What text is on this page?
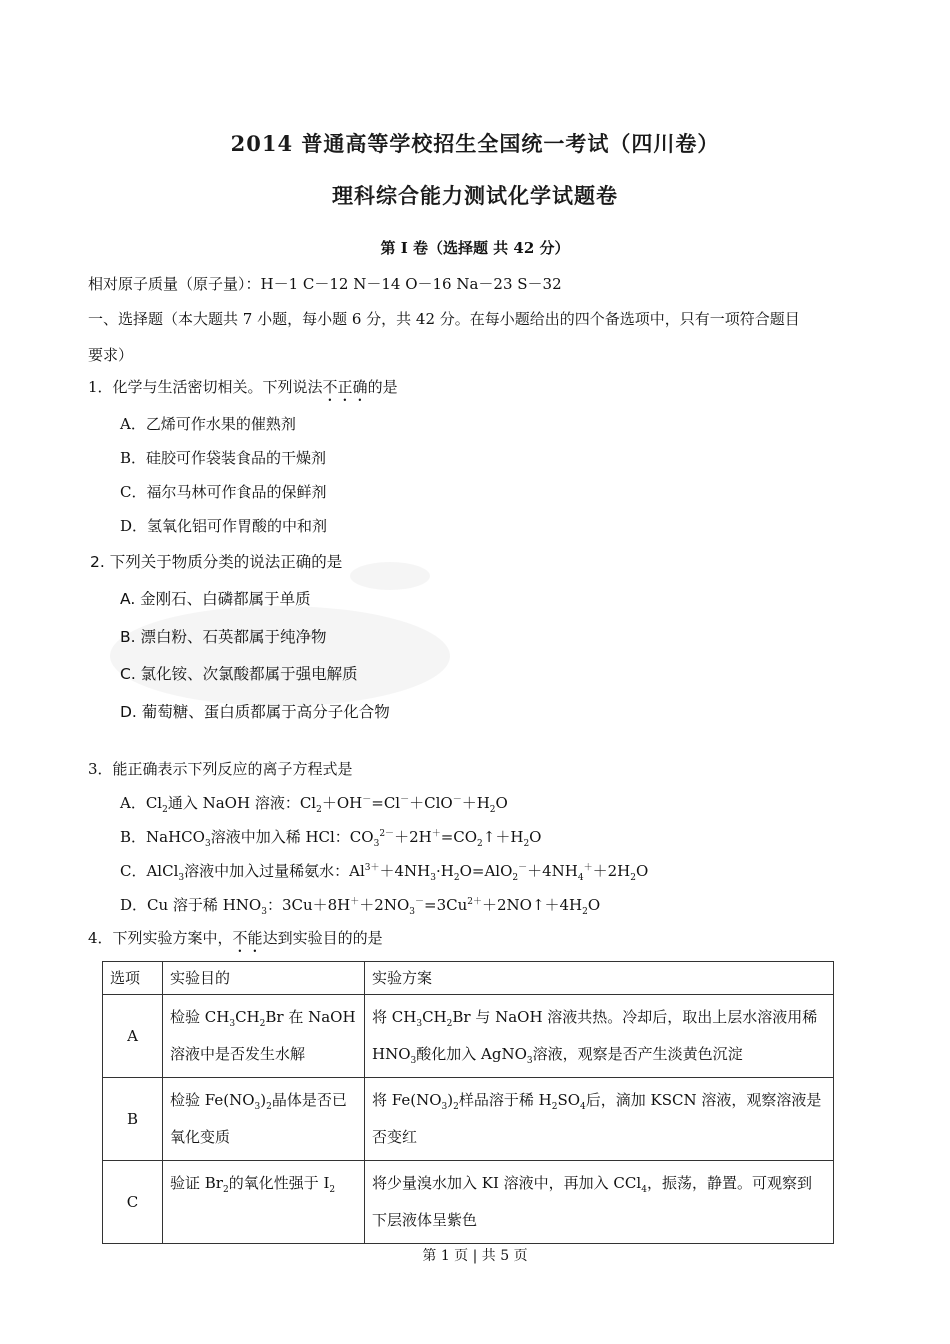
2014 普通高等学校招生全国统一考试（四川卷）
理科综合能力测试化学试题卷
第 I 卷（选择题 共 42 分）
相对原子质量（原子量）：H－1 C－12 N－14 O－16 Na－23 S－32
一、选择题（本大题共 7 小题，每小题 6 分，共 42 分。在每小题给出的四个备选项中，只有一项符合题目
要求）
1．化学与生活密切相关。下列说法不正确的是
A．乙烯可作水果的催熟剂
B．硅胶可作袋装食品的干燥剂
C．福尔马林可作食品的保鲜剂
D．氢氧化铝可作胃酸的中和剂
2. 下列关于物质分类的说法正确的是
A. 金刚石、白磷都属于单质
B. 漂白粉、石英都属于纯净物
C. 氯化铵、次氯酸都属于强电解质
D. 葡萄糖、蛋白质都属于高分子化合物
3．能正确表示下列反应的离子方程式是
A．$Cl_2$通入 NaOH 溶液：$Cl_2+OH^-=Cl^-+ClO^-+H_2O$
B．NaHCO$_3$溶液中加入稀 HCl：$CO_3^{2-}+2H^+=CO_2↑+H_2O$
C．AlCl$_3$溶液中加入过量稀氨水：$Al^{3+}+4NH_3\cdot H_2O=AlO_2^-+4NH_4^++2H_2O$
D．Cu 溶于稀 $HNO_3$：$3Cu+8H^++2NO_3^-=3Cu^{2+}+2NO↑+4H_2O$
4．下列实验方案中，不能达到实验目的的是
选项	实验目的	实验方案
A	检验 $CH_3CH_2Br$ 在 NaOH 溶液中是否发生水解	将 $CH_3CH_2Br$ 与 NaOH 溶液共热。冷却后，取出上层水溶液用稀 $HNO_3$酸化加入 AgNO$_3$溶液，观察是否产生淡黄色沉淀
B	检验 $Fe(NO_3)_2$晶体是否已氧化变质	将 $Fe(NO_3)_2$样品溶于稀 $H_2SO_4$后，滴加 KSCN 溶液，观察溶液是否变红
C	验证 $Br_2$的氧化性强于 $I_2$	将少量溴水加入 KI 溶液中，再加入 CCl$_4$，振荡，静置。可观察到下层液体呈紫色
第 1 页 | 共 5 页
